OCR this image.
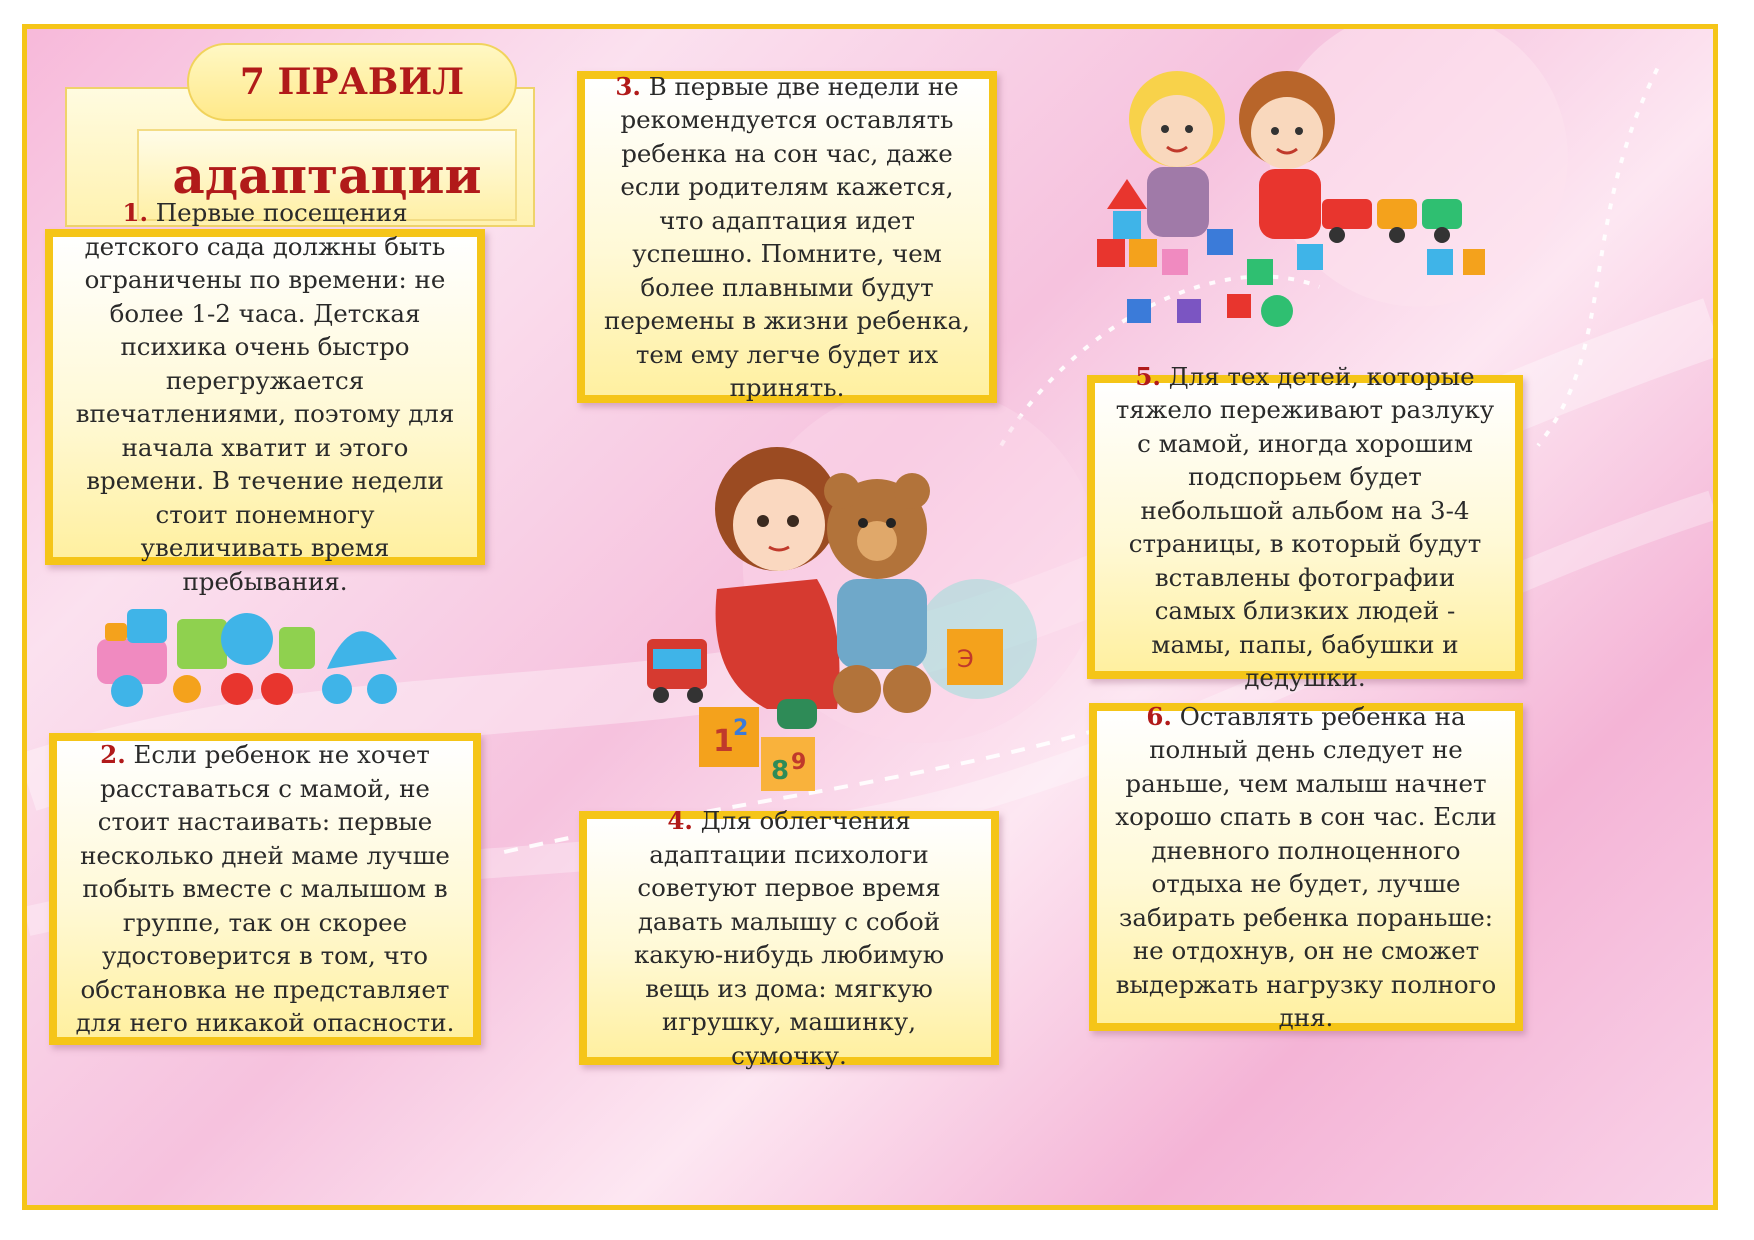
адаптации
7 ПРАВИЛ

1. Первые посещения детского сада должны быть ограничены по времени: не более 1-2 часа. Детская психика очень быстро перегружается впечатлениями, поэтому для начала хватит и этого времени. В течение недели стоит понемногу увеличивать время пребывания.

2. Если ребенок не хочет расставаться с мамой, не стоит настаивать: первые несколько дней маме лучше побыть вместе с малышом в группе, так он скорее удостоверится в том, что обстановка не представляет для него никакой опасности.

3. В первые две недели не рекомендуется оставлять ребенка на сон час, даже если родителям кажется, что адаптация идет успешно. Помните, чем более плавными будут перемены в жизни ребенка, тем ему легче будет их принять.

4. Для облегчения адаптации психологи советуют первое время давать малышу с собой какую-нибудь любимую вещь из дома: мягкую игрушку, машинку, сумочку.

5. Для тех детей, которые тяжело переживают разлуку с мамой, иногда хорошим подспорьем будет небольшой альбом на 3-4 страницы, в который будут вставлены фотографии самых близких людей - мамы, папы, бабушки и дедушки.

6. Оставлять ребенка на полный день следует не раньше, чем малыш начнет хорошо спать в сон час. Если дневного полноценного отдыха не будет, лучше забирать ребенка пораньше: не отдохнув, он не сможет выдержать нагрузку полного дня.

Э
1 2
8 9
